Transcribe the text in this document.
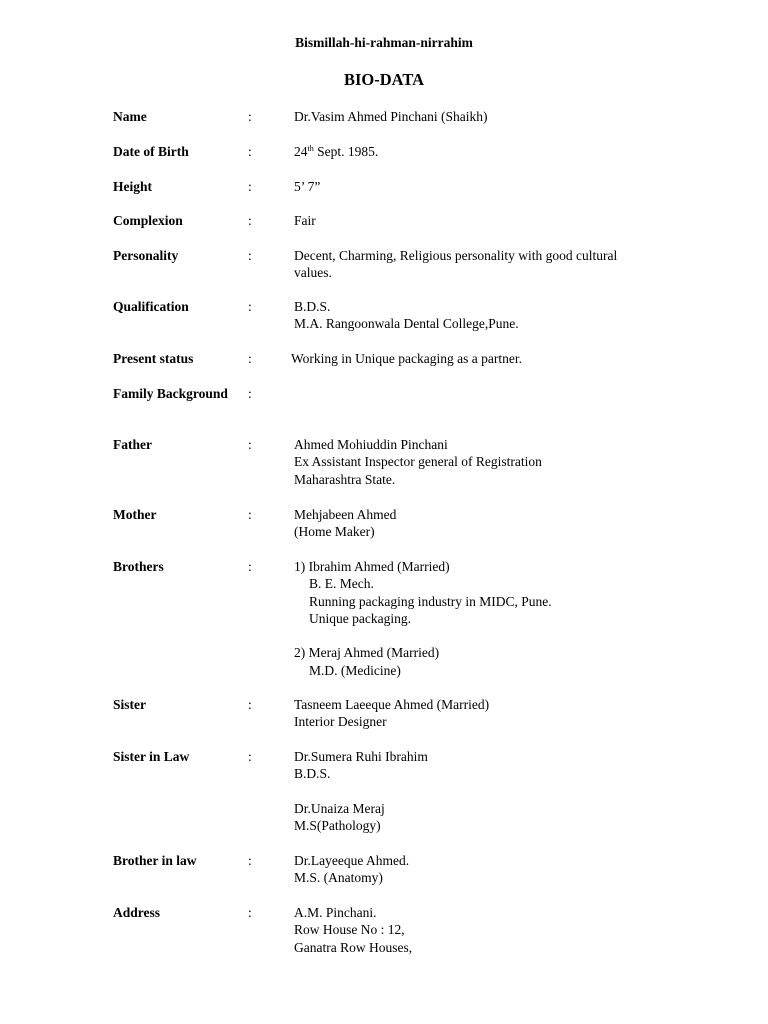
Bismillah-hi-rahman-nirrahim
BIO-DATA
Name	:	Dr.Vasim Ahmed Pinchani (Shaikh)
Date of Birth	:	24th Sept. 1985.
Height	:	5’ 7”
Complexion	:	Fair
Personality	:	Decent, Charming, Religious personality with good cultural
values.
Qualification	:	B.D.S.
M.A. Rangoonwala Dental College,Pune.
Present status	:	Working in Unique packaging as a partner.
Family Background :
Father	:	Ahmed Mohiuddin Pinchani
Ex Assistant Inspector general of Registration
Maharashtra State.
Mother	:	Mehjabeen Ahmed
(Home Maker)
Brothers	:	1) Ibrahim Ahmed (Married)
B. E. Mech.
Running packaging industry in MIDC, Pune.
Unique packaging.
2) Meraj Ahmed (Married)
M.D. (Medicine)
Sister	:	Tasneem Laeeque Ahmed (Married)
Interior Designer
Sister in Law	:	Dr.Sumera Ruhi Ibrahim
B.D.S.
Dr.Unaiza Meraj
M.S(Pathology)
Brother in law	:	Dr.Layeeque Ahmed.
M.S. (Anatomy)
Address	:	A.M. Pinchani.
Row House No : 12,
Ganatra Row Houses,
